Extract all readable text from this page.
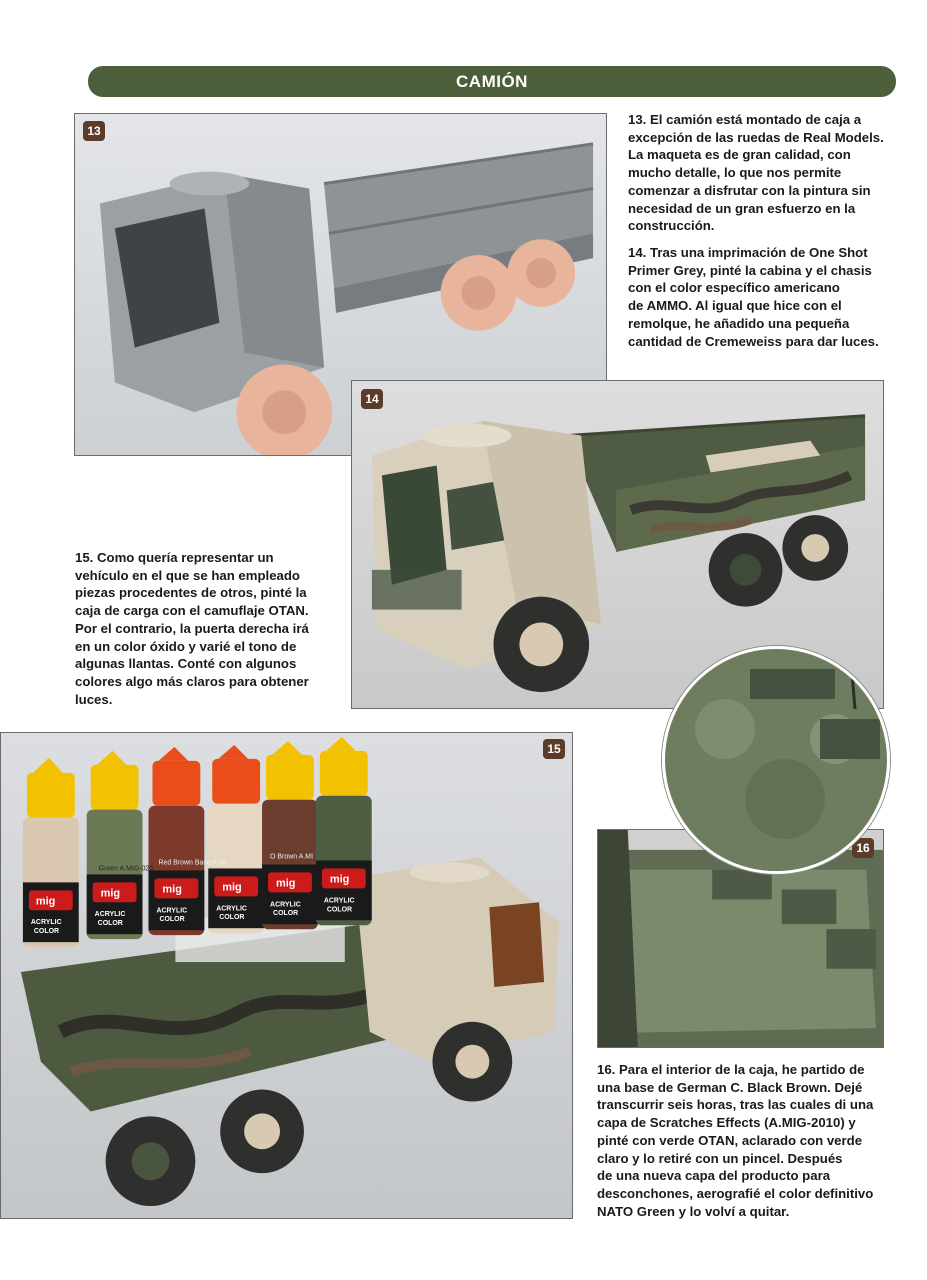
CAMIÓN
13

13. El camión está montado de caja a

excepción de las ruedas de Real Models.

La maqueta es de gran calidad, con

mucho detalle, lo que nos permite

comenzar a disfrutar con la pintura sin

necesidad de un gran esfuerzo en la

construcción.

14. Tras una imprimación de One Shot

Primer Grey, pinté la cabina y el chasis

con el color específico americano

de AMMO. Al igual que hice con el

remolque, he añadido una pequeña

cantidad de Cremeweiss para dar luces.

14

15. Como quería representar un

vehículo en el que se han empleado

piezas procedentes de otros, pinté la

caja de carga con el camuflaje OTAN.

Por el contrario, la puerta derecha irá

en un color óxido y varié el tono de

algunas llantas. Conté con algunos

colores algo más claros para obtener

luces.

Green A.MIG-023
Red Brown Base A.MI
O Brown A.MI
mig
mig	mig	mig	mig	mig
ACRYLIC
COLOR
ACRYLIC
COLOR
ACRYLIC
COLOR
ACRYLIC
COLOR
ACRYLIC
COLOR
ACRYLIC
COLOR
15
16

16. Para el interior de la caja, he partido de

una base de German C. Black Brown. Dejé

transcurrir seis horas, tras las cuales di una

capa de Scratches Effects (A.MIG-2010) y

pinté con verde OTAN, aclarado con verde

claro y lo retiré con un pincel. Después

de una nueva capa del producto para

desconchones, aerografié el color definitivo

NATO Green y lo volví a quitar.
